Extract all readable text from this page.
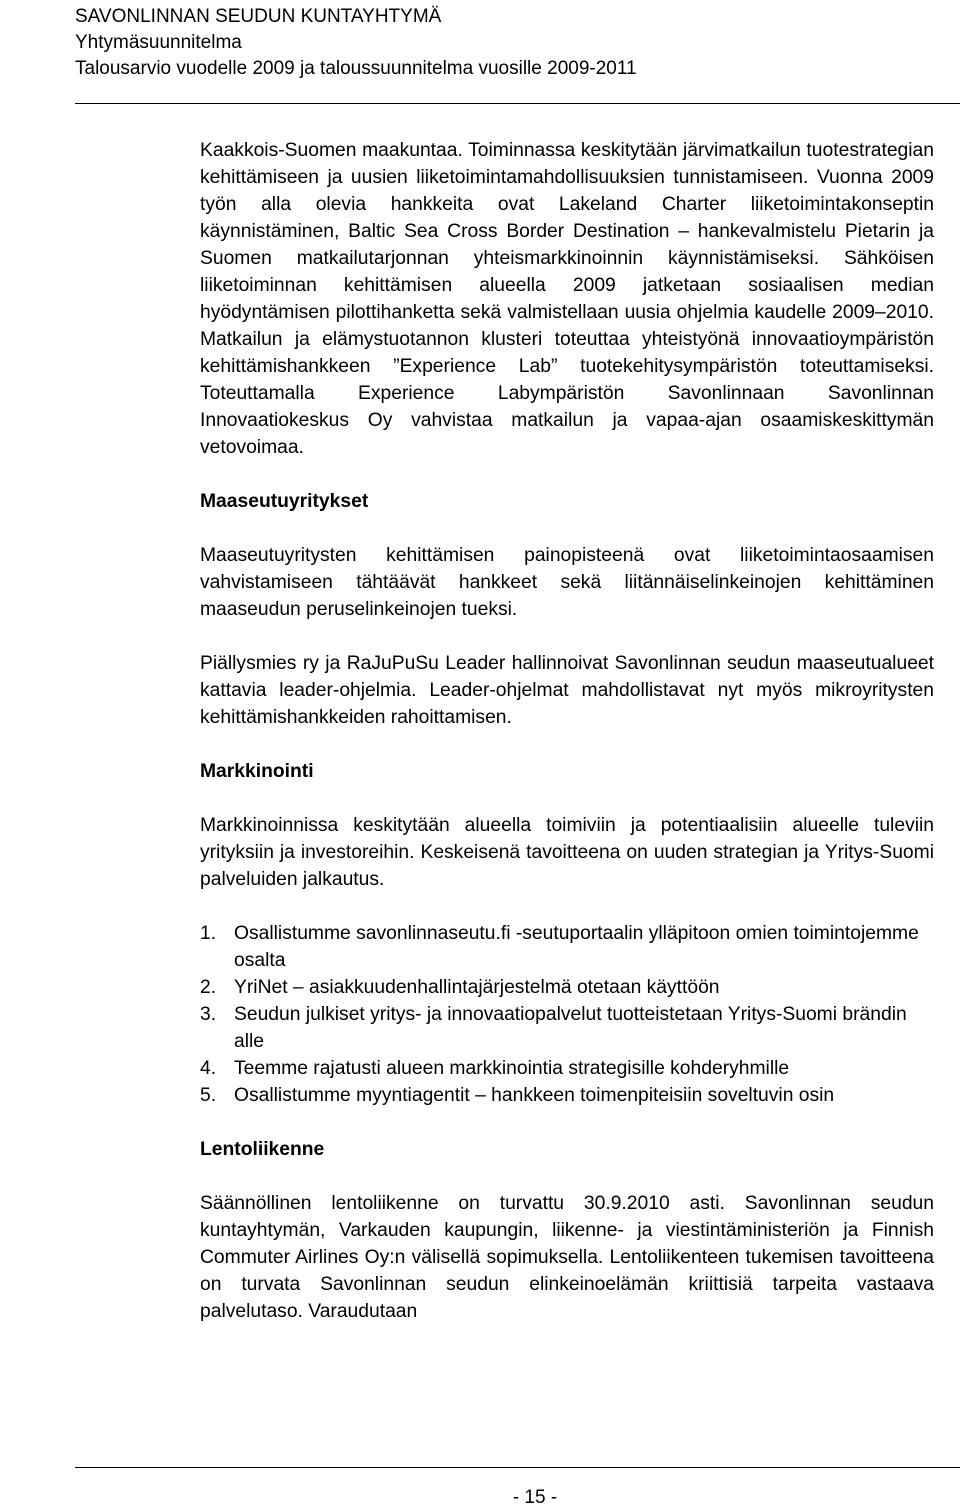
SAVONLINNAN SEUDUN KUNTAYHTYMÄ
Yhtymäsuunnitelma
Talousarvio vuodelle 2009 ja taloussuunnitelma vuosille 2009-2011

Kaakkois-Suomen maakuntaa. Toiminnassa keskitytään järvimatkailun tuotestrategian kehittämiseen ja uusien liiketoimintamahdollisuuksien tunnistamiseen. Vuonna 2009 työn alla olevia hankkeita ovat Lakeland Charter liiketoimintakonseptin käynnistäminen, Baltic Sea Cross Border Destination – hankevalmistelu Pietarin ja Suomen matkailutarjonnan yhteismarkkinoinnin käynnistämiseksi. Sähköisen liiketoiminnan kehittämisen alueella 2009 jatketaan sosiaalisen median hyödyntämisen pilottihanketta sekä valmistellaan uusia ohjelmia kaudelle 2009–2010. Matkailun ja elämystuotannon klusteri toteuttaa yhteistyönä innovaatioympäristön kehittämishankkeen ”Experience Lab” tuotekehitysympäristön toteuttamiseksi. Toteuttamalla Experience Labympäristön Savonlinnaan Savonlinnan Innovaatiokeskus Oy vahvistaa matkailun ja vapaa-ajan osaamiskeskittymän vetovoimaa.

Maaseutuyritykset

Maaseutuyritysten kehittämisen painopisteenä ovat liiketoimintaosaamisen vahvistamiseen tähtäävät hankkeet sekä liitännäiselinkeinojen kehittäminen maaseudun peruselinkeinojen tueksi.

Piällysmies ry ja RaJuPuSu Leader hallinnoivat Savonlinnan seudun maaseutualueet kattavia leader-ohjelmia. Leader-ohjelmat mahdollistavat nyt myös mikroyritysten kehittämishankkeiden rahoittamisen.

Markkinointi

Markkinoinnissa keskitytään alueella toimiviin ja potentiaalisiin alueelle tuleviin yrityksiin ja investoreihin. Keskeisenä tavoitteena on uuden strategian ja Yritys-Suomi palveluiden jalkautus.

1. Osallistumme savonlinnaseutu.fi -seutuportaalin ylläpitoon omien toimintojemme osalta
2. YriNet – asiakkuudenhallintajärjestelmä otetaan käyttöön
3. Seudun julkiset yritys- ja innovaatiopalvelut tuotteistetaan Yritys-Suomi brändin alle
4. Teemme rajatusti alueen markkinointia strategisille kohderyhmille
5. Osallistumme myyntiagentit – hankkeen toimenpiteisiin soveltuvin osin
Lentoliikenne

Säännöllinen lentoliikenne on turvattu 30.9.2010 asti. Savonlinnan seudun kuntayhtymän, Varkauden kaupungin, liikenne- ja viestintäministeriön ja Finnish Commuter Airlines Oy:n välisellä sopimuksella. Lentoliikenteen tukemisen tavoitteena on turvata Savonlinnan seudun elinkeinoelämän kriittisiä tarpeita vastaava palvelutaso. Varaudutaan

- 15 -
